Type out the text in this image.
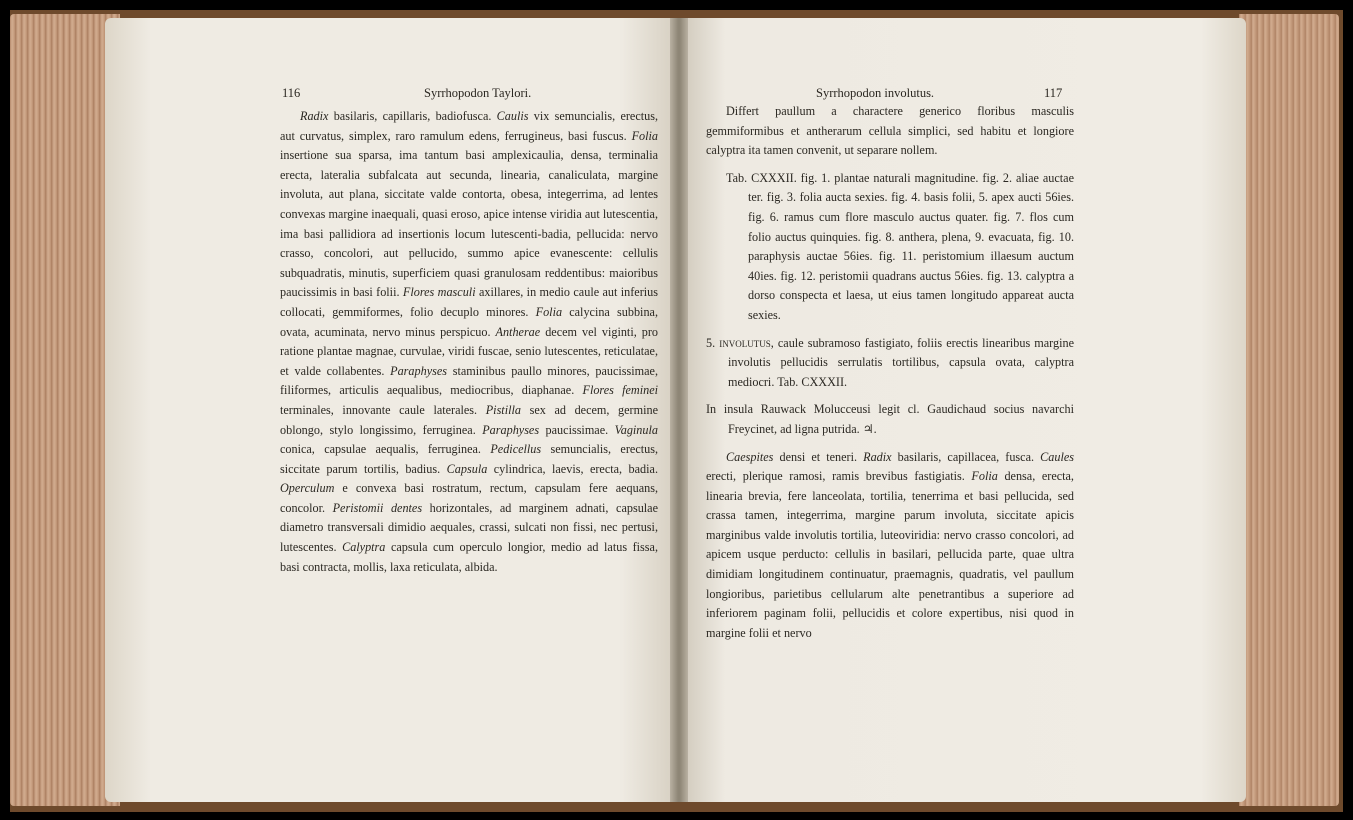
116	Syrrhopodon Taylori.	Syrrhopodon involutus.	117

Radix basilaris, capillaris, badiofusca. Caulis vix semuncialis, erectus, aut curvatus, simplex, raro ramulum edens, ferrugineus, basi fuscus. Folia insertione sua sparsa, ima tantum basi amplexicaulia, densa, terminalia erecta, lateralia subfalcata aut secunda, linearia, canaliculata, margine involuta, aut plana, siccitate valde contorta, obesa, integerrima, ad lentes convexas margine inaequali, quasi eroso, apice intense viridia aut lutescentia, ima basi pallidiora ad insertionis locum lutescenti-badia, pellucida: nervo crasso, concolori, aut pellucido, summo apice evanescente: cellulis subquadratis, minutis, superficiem quasi granulosam reddentibus: maioribus paucissimis in basi folii. Flores masculi axillares, in medio caule aut inferius collocati, gemmiformes, folio decuplo minores. Folia calycina subbina, ovata, acuminata, nervo minus perspicuo. Antherae decem vel viginti, pro ratione plantae magnae, curvulae, viridi fuscae, senio lutescentes, reticulatae, et valde collabentes. Paraphyses staminibus paullo minores, paucissimae, filiformes, articulis aequalibus, mediocribus, diaphanae. Flores feminei terminales, innovante caule laterales. Pistilla sex ad decem, germine oblongo, stylo longissimo, ferruginea. Paraphyses paucissimae. Vaginula conica, capsulae aequalis, ferruginea. Pedicellus semuncialis, erectus, siccitate parum tortilis, badius. Capsula cylindrica, laevis, erecta, badia. Operculum e convexa basi rostratum, rectum, capsulam fere aequans, concolor. Peristomii dentes horizontales, ad marginem adnati, capsulae diametro transversali dimidio aequales, crassi, sulcati non fissi, nec pertusi, lutescentes. Calyptra capsula cum operculo longior, medio ad latus fissa, basi contracta, mollis, laxa reticulata, albida.

Differt paullum a charactere generico floribus masculis gemmiformibus et antherarum cellula simplici, sed habitu et longiore calyptra ita tamen convenit, ut separare nollem.

Tab. CXXXII. fig. 1. plantae naturali magnitudine. fig. 2. aliae auctae ter. fig. 3. folia aucta sexies. fig. 4. basis folii, 5. apex aucti 56ies. fig. 6. ramus cum flore masculo auctus quater. fig. 7. flos cum folio auctus quinquies. fig. 8. anthera, plena, 9. evacuata, fig. 10. paraphysis auctae 56ies. fig. 11. peristomium illaesum auctum 40ies. fig. 12. peristomii quadrans auctus 56ies. fig. 13. calyptra a dorso conspecta et laesa, ut eius tamen longitudo appareat aucta sexies.

5. involutus, caule subramoso fastigiato, foliis erectis linearibus margine involutis pellucidis serrulatis tortilibus, capsula ovata, calyptra mediocri. Tab. CXXXII.

In insula Rauwack Molucceusi legit cl. Gaudichaud socius navarchi Freycinet, ad ligna putrida. ♃.

Caespites densi et teneri. Radix basilaris, capillacea, fusca. Caules erecti, plerique ramosi, ramis brevibus fastigiatis. Folia densa, erecta, linearia brevia, fere lanceolata, tortilia, tenerrima et basi pellucida, sed crassa tamen, integerrima, margine parum involuta, siccitate apicis marginibus valde involutis tortilia, luteoviridia: nervo crasso concolori, ad apicem usque perducto: cellulis in basilari, pellucida parte, quae ultra dimidiam longitudinem continuatur, praemagnis, quadratis, vel paullum longioribus, parietibus cellularum alte penetrantibus a superiore ad inferiorem paginam folii, pellucidis et colore expertibus, nisi quod in margine folii et nervo
